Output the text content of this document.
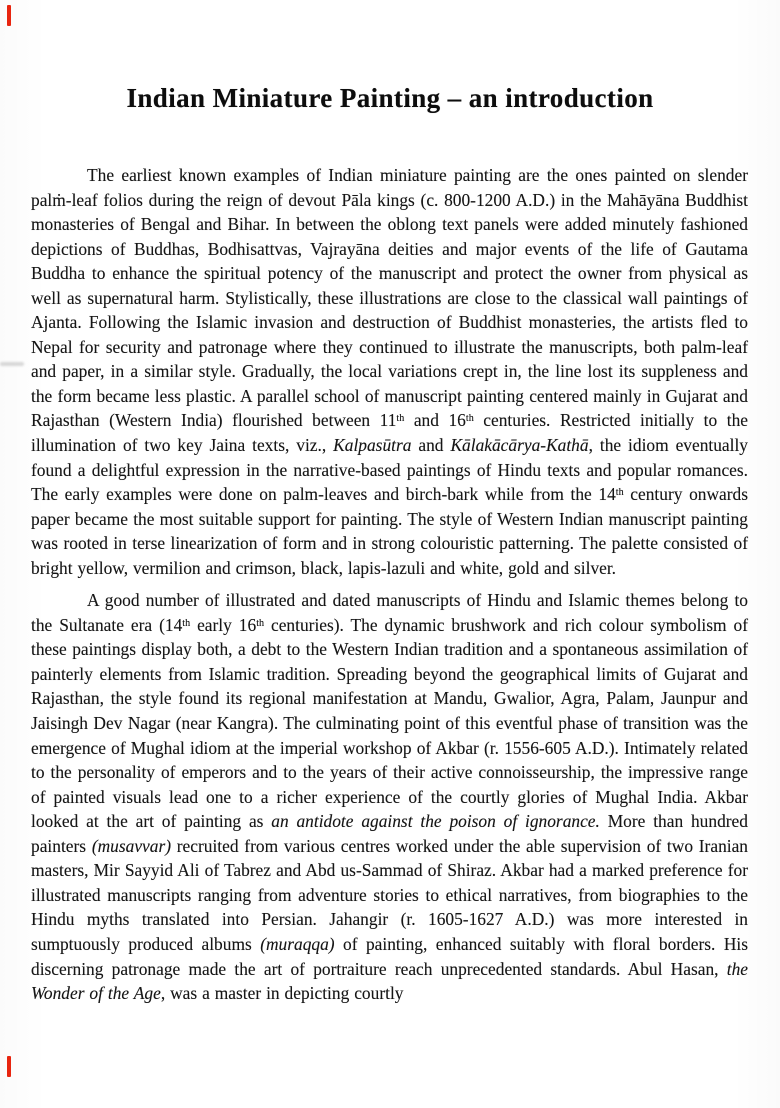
Indian Miniature Painting – an introduction

The earliest known examples of Indian miniature painting are the ones painted on slender palṁ-leaf folios during the reign of devout Pāla kings (c. 800-1200 A.D.) in the Mahāyāna Buddhist monasteries of Bengal and Bihar. In between the oblong text panels were added minutely fashioned depictions of Buddhas, Bodhisattvas, Vajrayāna deities and major events of the life of Gautama Buddha to enhance the spiritual potency of the manuscript and protect the owner from physical as well as supernatural harm. Stylistically, these illustrations are close to the classical wall paintings of Ajanta. Following the Islamic invasion and destruction of Buddhist monasteries, the artists fled to Nepal for security and patronage where they continued to illustrate the manuscripts, both palm-leaf and paper, in a similar style. Gradually, the local variations crept in, the line lost its suppleness and the form became less plastic. A parallel school of manuscript painting centered mainly in Gujarat and Rajasthan (Western India) flourished between 11th and 16th centuries. Restricted initially to the illumination of two key Jaina texts, viz., Kalpasūtra and Kālakācārya-Kathā, the idiom eventually found a delightful expression in the narrative-based paintings of Hindu texts and popular romances. The early examples were done on palm-leaves and birch-bark while from the 14th century onwards paper became the most suitable support for painting. The style of Western Indian manuscript painting was rooted in terse linearization of form and in strong colouristic patterning. The palette consisted of bright yellow, vermilion and crimson, black, lapis-lazuli and white, gold and silver.

A good number of illustrated and dated manuscripts of Hindu and Islamic themes belong to the Sultanate era (14th early 16th centuries). The dynamic brushwork and rich colour symbolism of these paintings display both, a debt to the Western Indian tradition and a spontaneous assimilation of painterly elements from Islamic tradition. Spreading beyond the geographical limits of Gujarat and Rajasthan, the style found its regional manifestation at Mandu, Gwalior, Agra, Palam, Jaunpur and Jaisingh Dev Nagar (near Kangra). The culminating point of this eventful phase of transition was the emergence of Mughal idiom at the imperial workshop of Akbar (r. 1556-605 A.D.). Intimately related to the personality of emperors and to the years of their active connoisseurship, the impressive range of painted visuals lead one to a richer experience of the courtly glories of Mughal India. Akbar looked at the art of painting as an antidote against the poison of ignorance. More than hundred painters (musavvar) recruited from various centres worked under the able supervision of two Iranian masters, Mir Sayyid Ali of Tabrez and Abd us-Sammad of Shiraz. Akbar had a marked preference for illustrated manuscripts ranging from adventure stories to ethical narratives, from biographies to the Hindu myths translated into Persian. Jahangir (r. 1605-1627 A.D.) was more interested in sumptuously produced albums (muraqqa) of painting, enhanced suitably with floral borders. His discerning patronage made the art of portraiture reach unprecedented standards. Abul Hasan, the Wonder of the Age, was a master in depicting courtly
